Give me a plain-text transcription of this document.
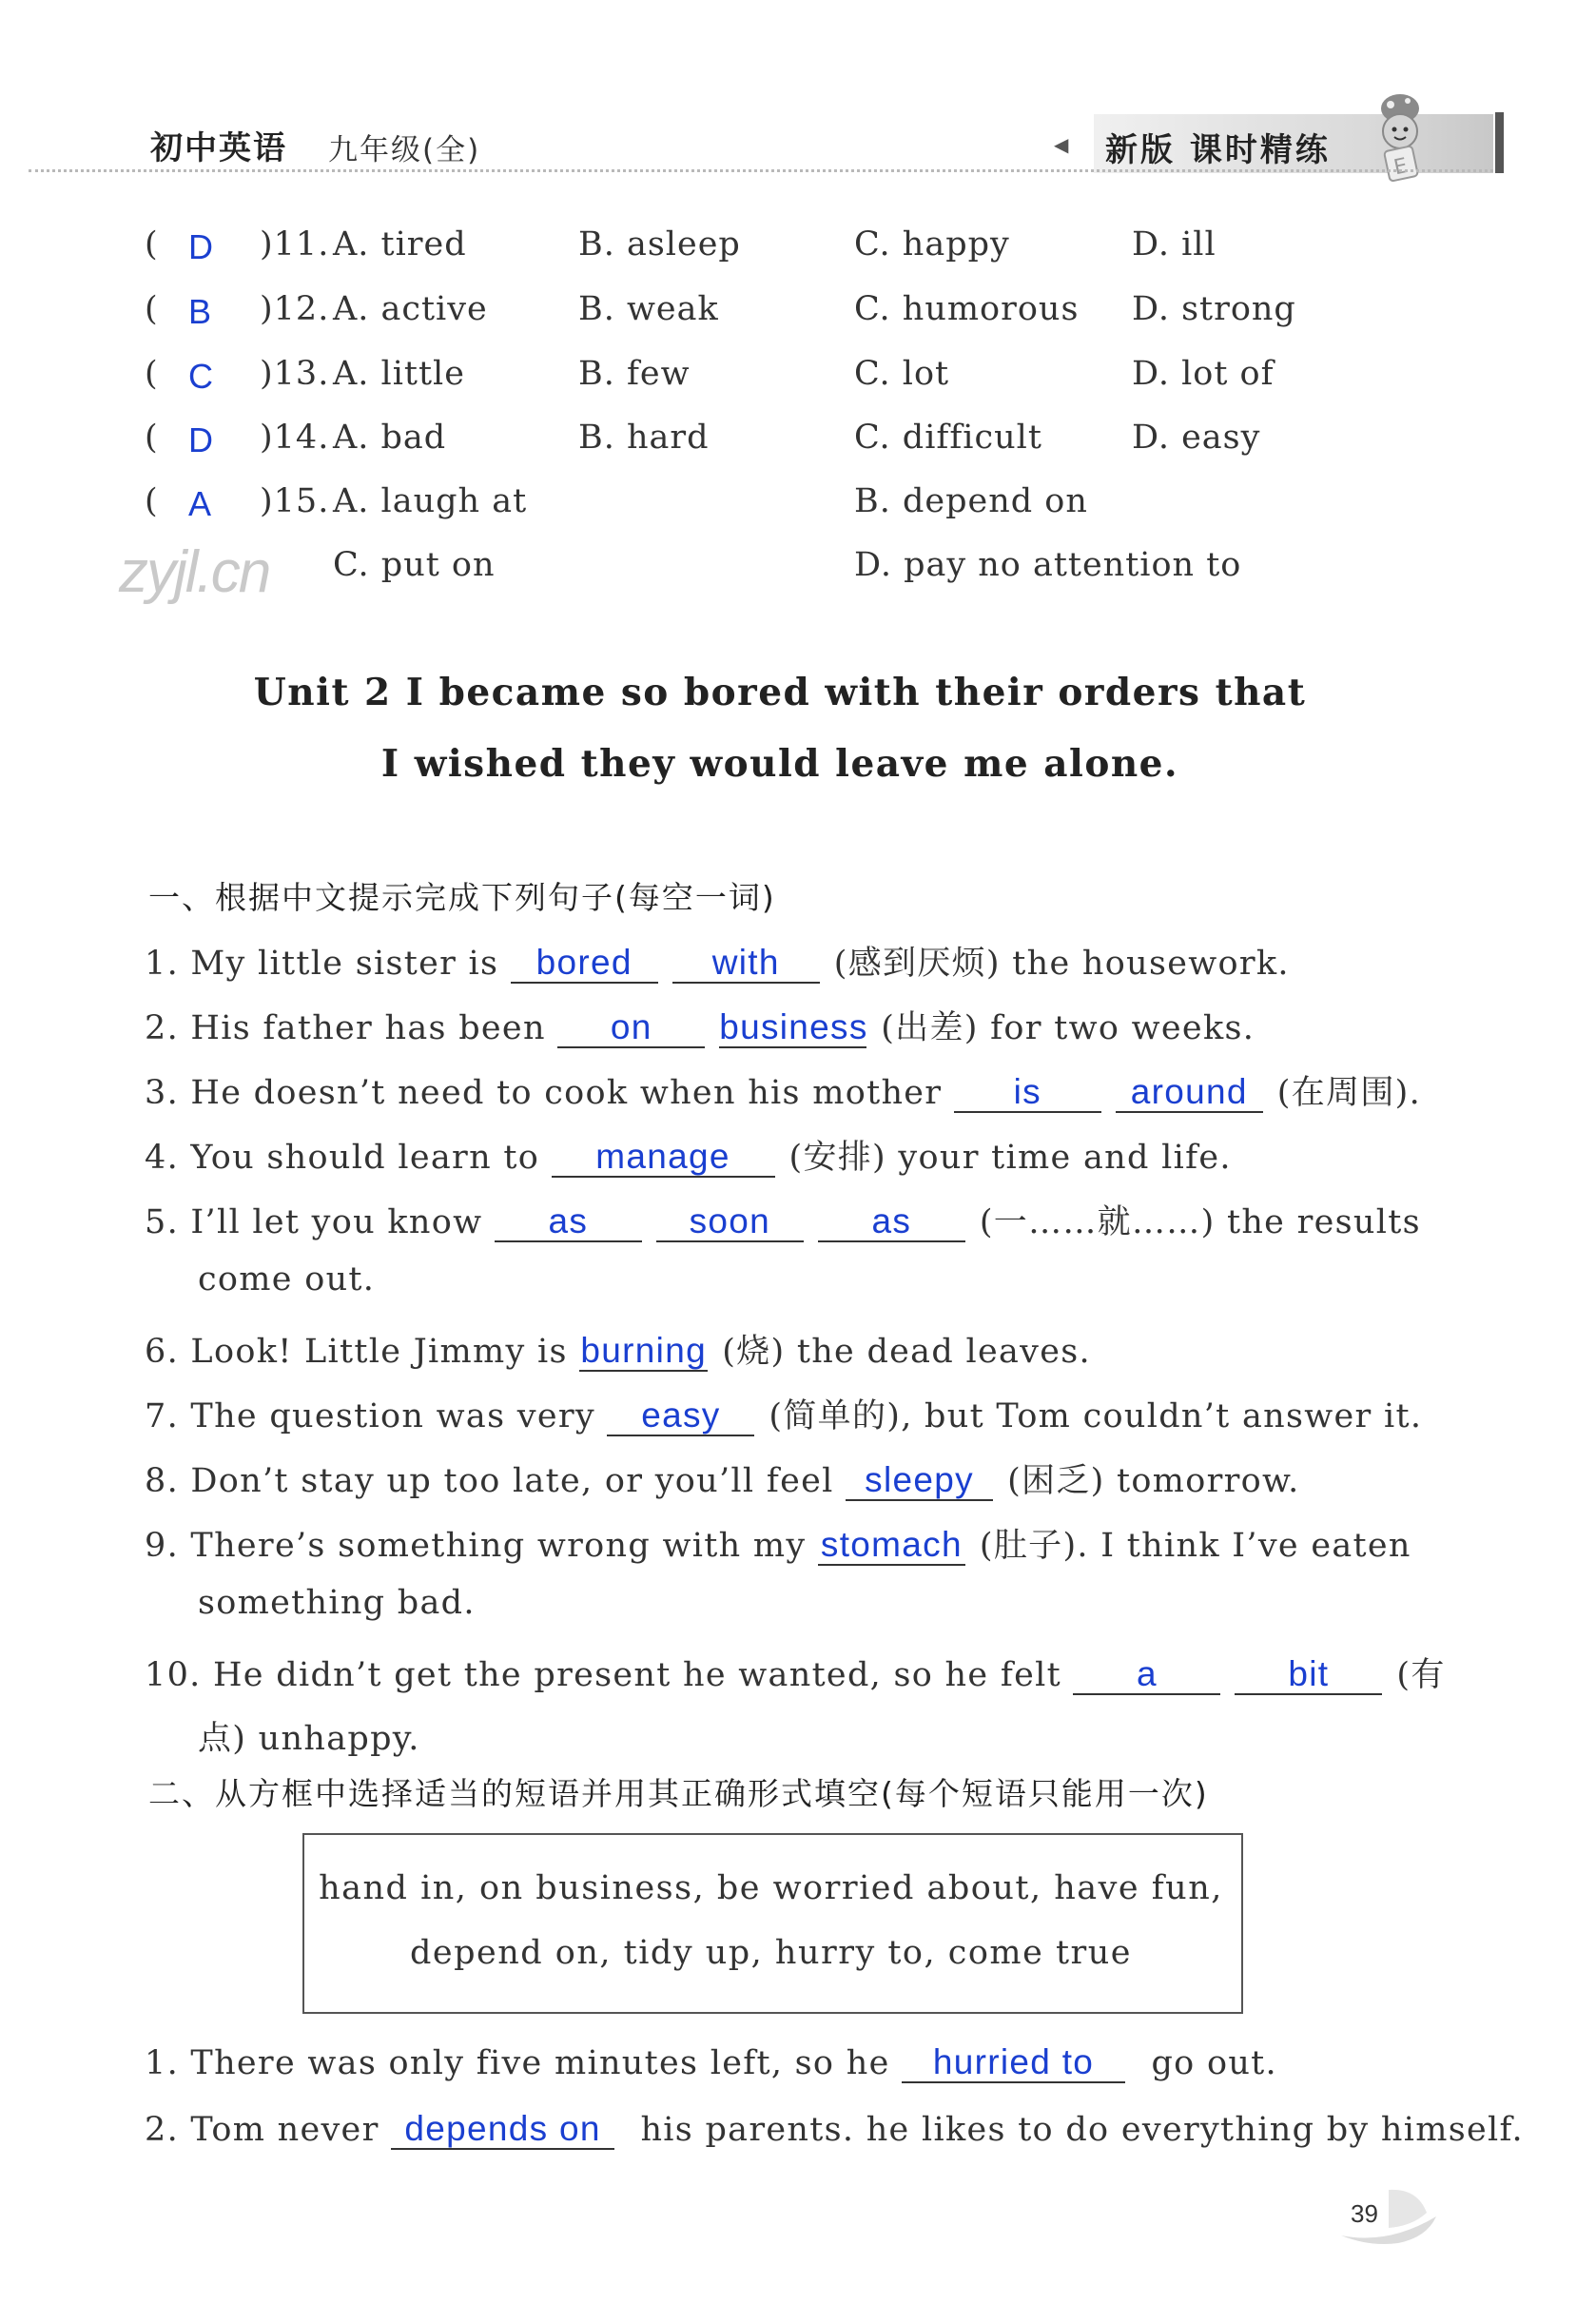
初中英语 九年级(全)	◀ 新版 课时精练	E
zyjl.cn
( D )11. A. tired	B. asleep	C. happy	D. ill
( B )12. A. active	B. weak	C. humorous D. strong
( C )13. A. little	B. few	C. lot	D. lot of
( D )14. A. bad	B. hard	C. difficult	D. easy
( A )15. A. laugh at	B. depend on
C. put on	D. pay no attention to
Unit 2 I became so bored with their orders that
I wished they would leave me alone.
一、根据中文提示完成下列句子(每空一词)
1. My little sister is bored with (感到厌烦) the housework.
2. His father has been on business (出差) for two weeks.
3. He doesn’t need to cook when his mother is	around (在周围).
4. You should learn to manage (安排) your time and life.
5. I’ll let you know as	soon	as (一……就……) the results
come out.
6. Look! Little Jimmy is burning (烧) the dead leaves.
7. The question was very easy (简单的), but Tom couldn’t answer it.
8. Don’t stay up too late, or you’ll feel sleepy (困乏) tomorrow.
9. There’s something wrong with my stomach (肚子). I think I’ve eaten
something bad.
10. He didn’t get the present he wanted, so he felt a	bit (有
点) unhappy.
二、从方框中选择适当的短语并用其正确形式填空(每个短语只能用一次)
hand in, on business, be worried about, have fun,
depend on, tidy up, hurry to, come true
1. There was only five minutes left, so he hurried to go out.
2. Tom never depends on his parents. he likes to do everything by himself.
39
